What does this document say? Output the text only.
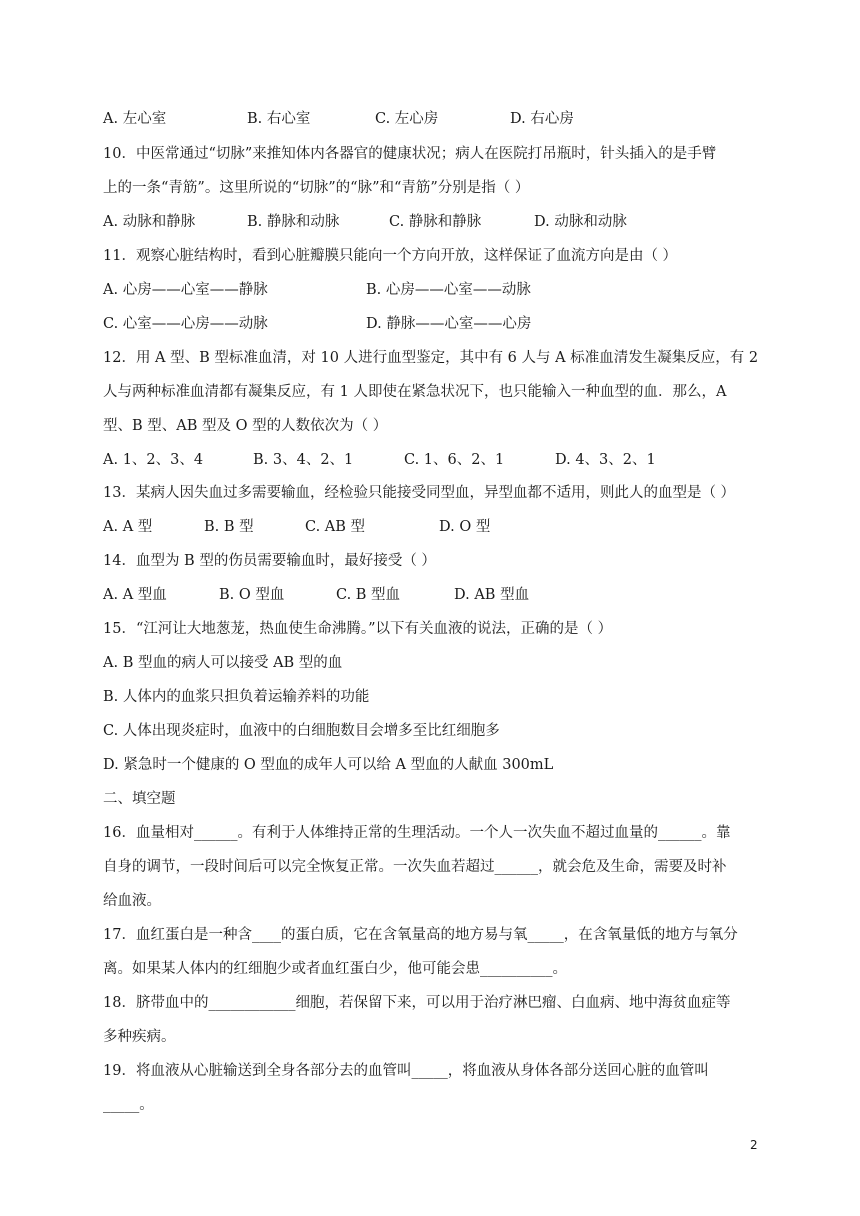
A. 左心室	B. 右心室	C. 左心房	D. 右心房
10．中医常通过“切脉”来推知体内各器官的健康状况；病人在医院打吊瓶时，针头插入的是手臂
上的一条“青筋”。这里所说的“切脉”的“脉”和“青筋”分别是指（ ）
A. 动脉和静脉	B. 静脉和动脉	C. 静脉和静脉	D. 动脉和动脉
11．观察心脏结构时，看到心脏瓣膜只能向一个方向开放，这样保证了血流方向是由（ ）
A. 心房——心室——静脉	B. 心房——心室——动脉
C. 心室——心房——动脉	D. 静脉——心室——心房
12．用 A 型、B 型标准血清，对 10 人进行血型鉴定，其中有 6 人与 A 标准血清发生凝集反应，有 2
人与两种标准血清都有凝集反应，有 1 人即使在紧急状况下，也只能输入一种血型的血．那么，A
型、B 型、AB 型及 O 型的人数依次为（ ）
A. 1、2、3、4	B. 3、4、2、1	C. 1、6、2、1	D. 4、3、2、1
13．某病人因失血过多需要输血，经检验只能接受同型血，异型血都不适用，则此人的血型是（ ）
A. A 型	B. B 型	C. AB 型	D. O 型
14．血型为 B 型的伤员需要输血时，最好接受（ ）
A. A 型血	B. O 型血	C. B 型血	D. AB 型血
15．“江河让大地葱茏，热血使生命沸腾。”以下有关血液的说法，正确的是（ ）
A. B 型血的病人可以接受 AB 型的血
B. 人体内的血浆只担负着运输养料的功能
C. 人体出现炎症时，血液中的白细胞数目会增多至比红细胞多
D. 紧急时一个健康的 O 型血的成年人可以给 A 型血的人献血 300mL
二、填空题
16．血量相对______。有利于人体维持正常的生理活动。一个人一次失血不超过血量的______。靠
自身的调节，一段时间后可以完全恢复正常。一次失血若超过______，就会危及生命，需要及时补
给血液。
17．血红蛋白是一种含____的蛋白质，它在含氧量高的地方易与氧_____，在含氧量低的地方与氧分
离。如果某人体内的红细胞少或者血红蛋白少，他可能会患__________。
18．脐带血中的____________细胞，若保留下来，可以用于治疗淋巴瘤、白血病、地中海贫血症等
多种疾病。
19．将血液从心脏输送到全身各部分去的血管叫_____，将血液从身体各部分送回心脏的血管叫
_____。
2
